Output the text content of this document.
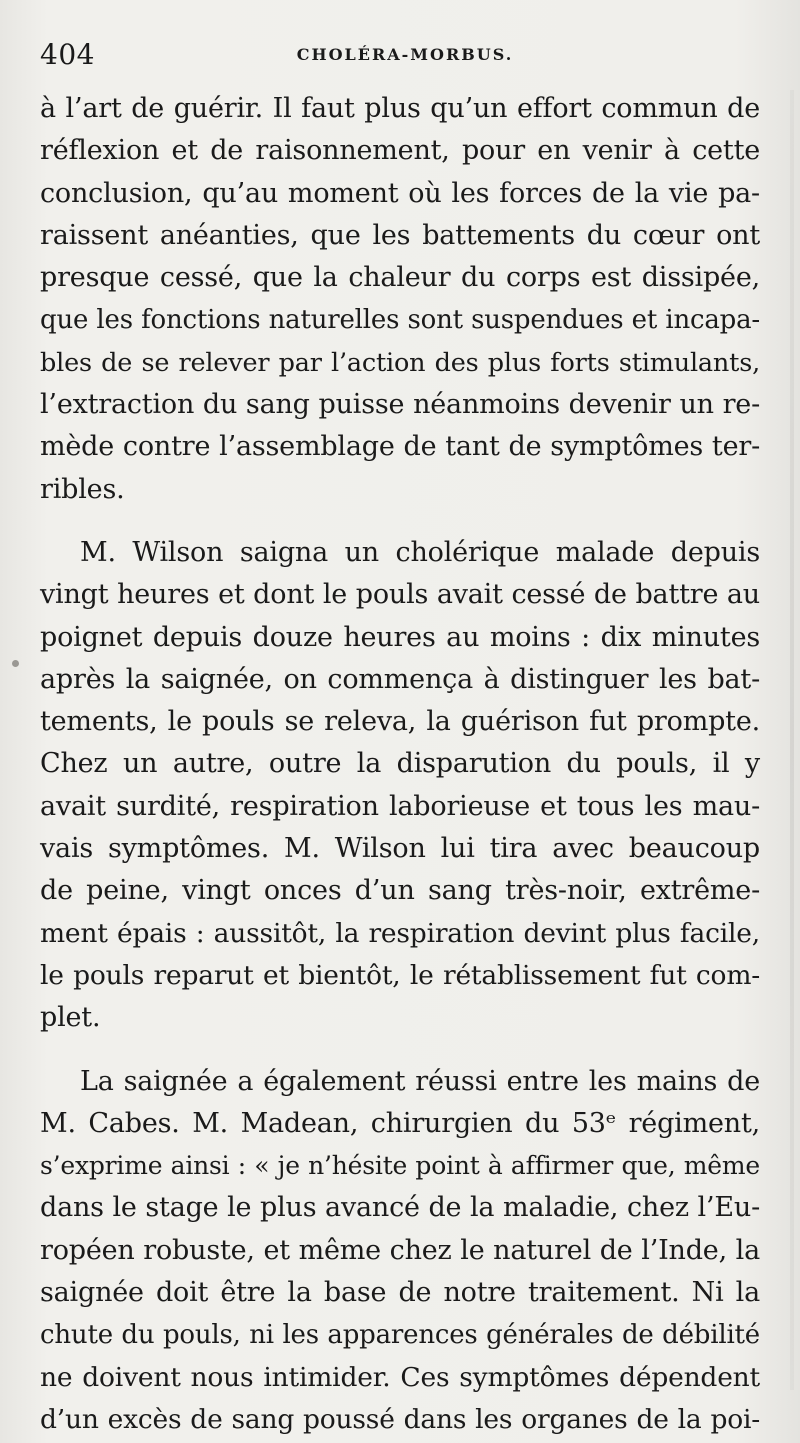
404	CHOLÉRA-MORBUS.
à l’art de guérir. Il faut plus qu’un effort commun de
réflexion et de raisonnement, pour en venir à cette
conclusion, qu’au moment où les forces de la vie pa-
raissent anéanties, que les battements du cœur ont
presque cessé, que la chaleur du corps est dissipée,
que les fonctions naturelles sont suspendues et incapa-
bles de se relever par l’action des plus forts stimulants,
l’extraction du sang puisse néanmoins devenir un re-
mède contre l’assemblage de tant de symptômes ter-
ribles.
M. Wilson saigna un cholérique malade depuis
vingt heures et dont le pouls avait cessé de battre au
poignet depuis douze heures au moins : dix minutes
après la saignée, on commença à distinguer les bat-
tements, le pouls se releva, la guérison fut prompte.
Chez un autre, outre la disparution du pouls, il y
avait surdité, respiration laborieuse et tous les mau-
vais symptômes. M. Wilson lui tira avec beaucoup
de peine, vingt onces d’un sang très-noir, extrême-
ment épais : aussitôt, la respiration devint plus facile,
le pouls reparut et bientôt, le rétablissement fut com-
plet.
La saignée a également réussi entre les mains de
M. Cabes. M. Madean, chirurgien du 53ᵉ régiment,
s’exprime ainsi : « je n’hésite point à affirmer que, même
dans le stage le plus avancé de la maladie, chez l’Eu-
ropéen robuste, et même chez le naturel de l’Inde, la
saignée doit être la base de notre traitement. Ni la
chute du pouls, ni les apparences générales de débilité
ne doivent nous intimider. Ces symptômes dépendent
d’un excès de sang poussé dans les organes de la poi-
